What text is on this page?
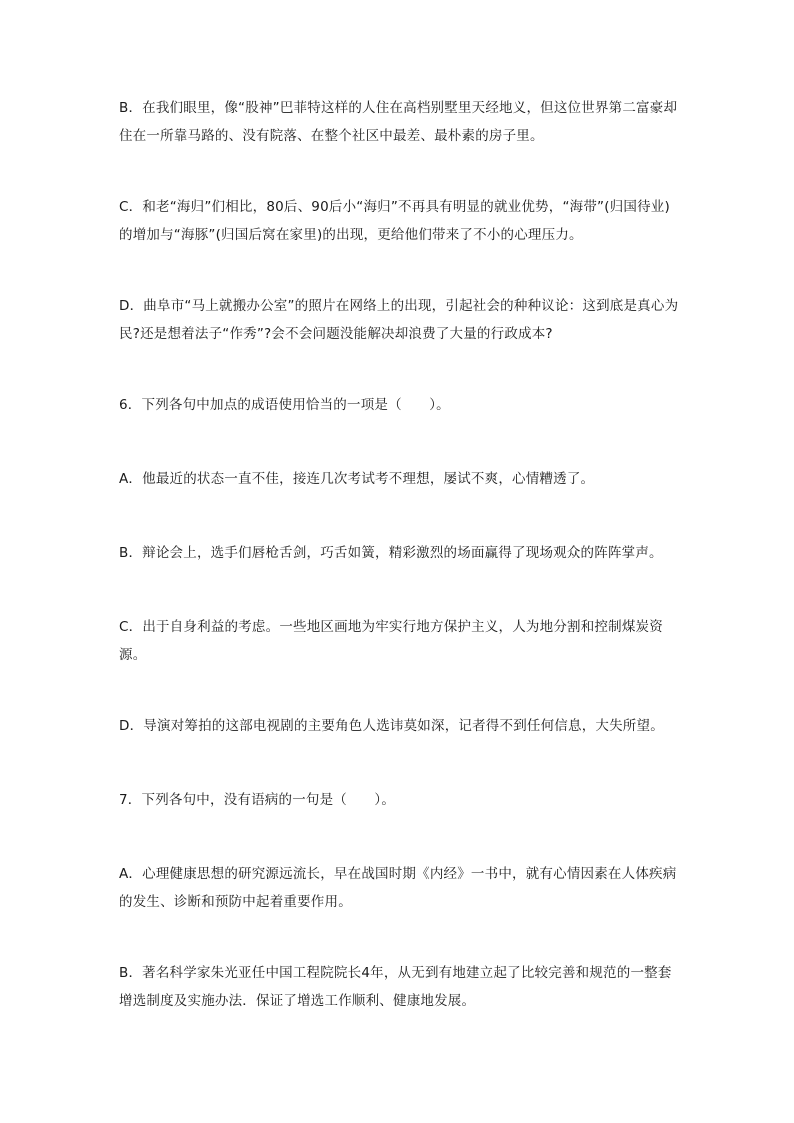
B．在我们眼里，像“股神”巴菲特这样的人住在高档别墅里天经地义，但这位世界第二富豪却住在一所靠马路的、没有院落、在整个社区中最差、最朴素的房子里。

C．和老“海归”们相比，80后、90后小“海归”不再具有明显的就业优势，“海带”(归国待业)的增加与“海豚”(归国后窝在家里)的出现，更给他们带来了不小的心理压力。

D．曲阜市“马上就搬办公室”的照片在网络上的出现，引起社会的种种议论：这到底是真心为民?还是想着法子“作秀”?会不会问题没能解决却浪费了大量的行政成本?

6．下列各句中加点的成语使用恰当的一项是（　　）。

A．他最近的状态一直不佳，接连几次考试考不理想，屡试不爽，心情糟透了。

B．辩论会上，选手们唇枪舌剑，巧舌如簧，精彩激烈的场面赢得了现场观众的阵阵掌声。

C．出于自身利益的考虑。一些地区画地为牢实行地方保护主义，人为地分割和控制煤炭资源。

D．导演对筹拍的这部电视剧的主要角色人选讳莫如深，记者得不到任何信息，大失所望。

7．下列各句中，没有语病的一句是（　　）。

A．心理健康思想的研究源远流长，早在战国时期《内经》一书中，就有心情因素在人体疾病的发生、诊断和预防中起着重要作用。

B．著名科学家朱光亚任中国工程院院长4年，从无到有地建立起了比较完善和规范的一整套增选制度及实施办法．保证了增选工作顺利、健康地发展。
